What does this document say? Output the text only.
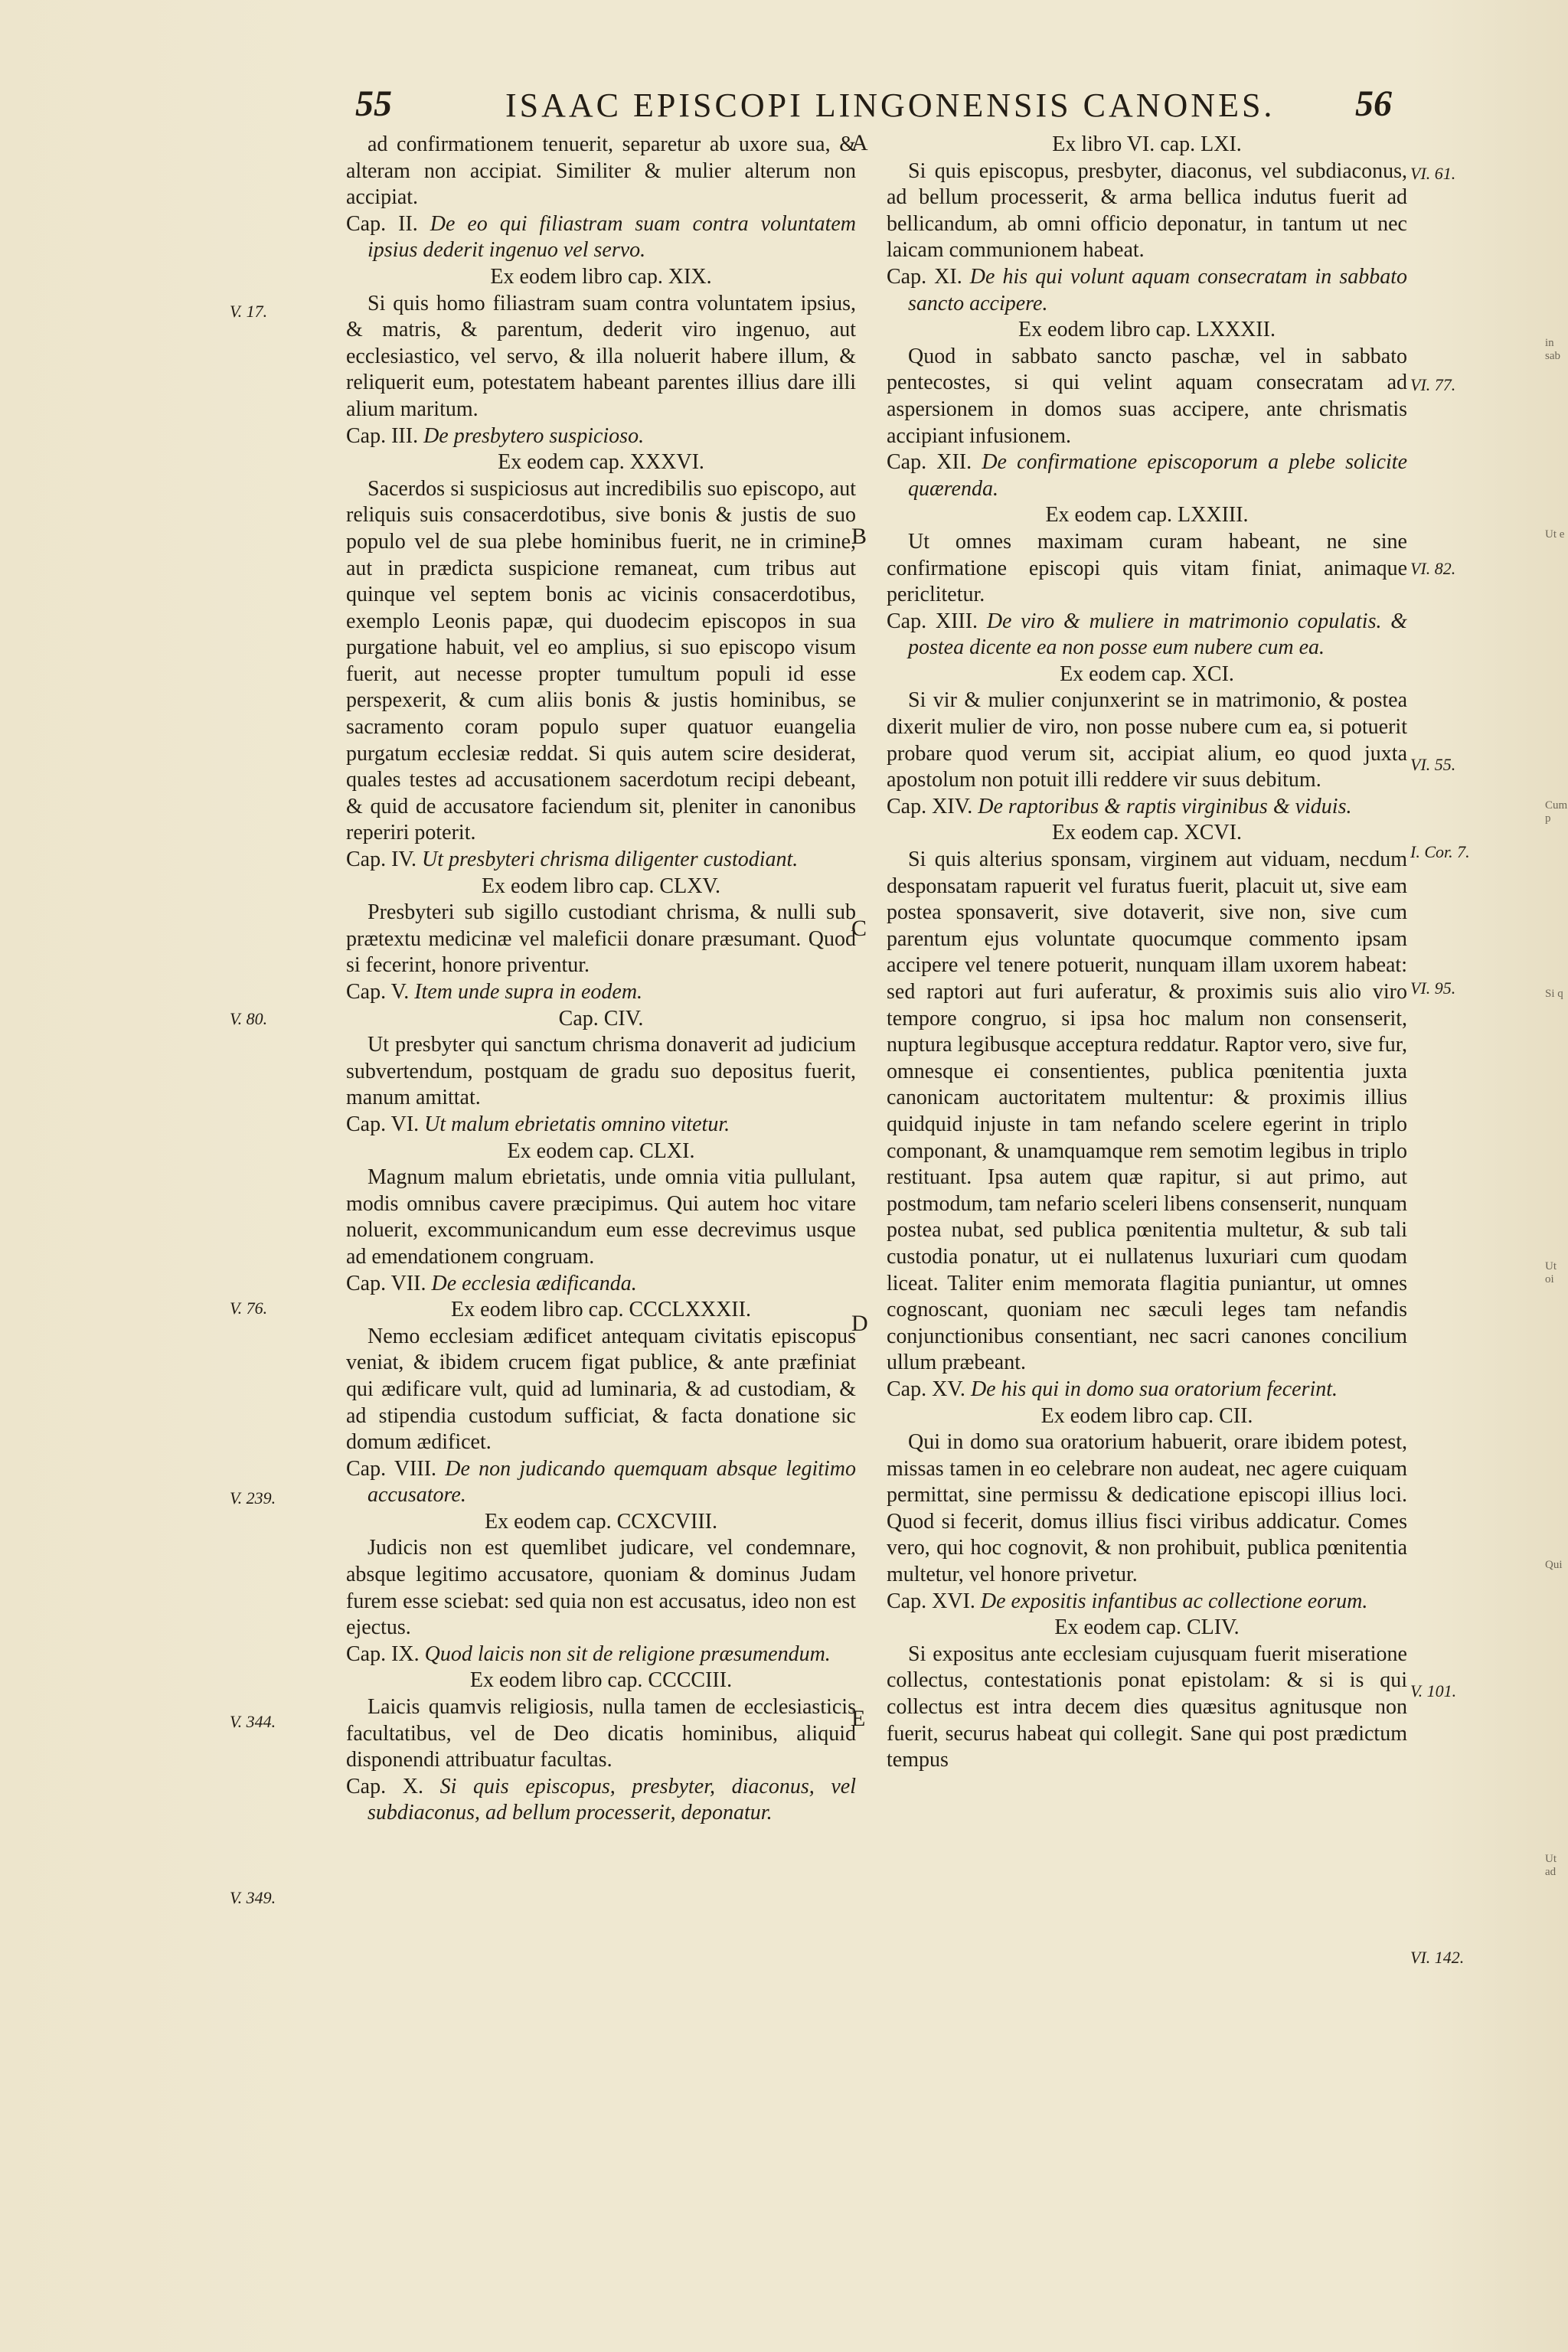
55	ISAAC EPISCOPI LINGONENSIS CANONES. 56

ad confirmationem tenuerit, separetur ab uxore sua, & alteram non accipiat. Similiter & mulier alterum non accipiat.

Cap. II. De eo qui filiastram suam contra voluntatem ipsius dederit ingenuo vel servo.

Ex eodem libro cap. XIX.

Si quis homo filiastram suam contra voluntatem ipsius, & matris, & parentum, dederit viro ingenuo, aut ecclesiastico, vel servo, & illa noluerit habere illum, & reliquerit eum, potestatem habeant parentes illius dare illi alium maritum.

Cap. III. De presbytero suspicioso.

Ex eodem cap. XXXVI.

Sacerdos si suspiciosus aut incredibilis suo episcopo, aut reliquis suis consacerdotibus, sive bonis & justis de suo populo vel de sua plebe hominibus fuerit, ne in crimine, aut in prædicta suspicione remaneat, cum tribus aut quinque vel septem bonis ac vicinis consacerdotibus, exemplo Leonis papæ, qui duodecim episcopos in sua purgatione habuit, vel eo amplius, si suo episcopo visum fuerit, aut necesse propter tumultum populi id esse perspexerit, & cum aliis bonis & justis hominibus, se sacramento coram populo super quatuor euangelia purgatum ecclesiæ reddat. Si quis autem scire desiderat, quales testes ad accusationem sacerdotum recipi debeant, & quid de accusatore faciendum sit, pleniter in canonibus reperiri poterit.

Cap. IV. Ut presbyteri chrisma diligenter custodiant.

Ex eodem libro cap. CLXV.

Presbyteri sub sigillo custodiant chrisma, & nulli sub prætextu medicinæ vel maleficii donare præsumant. Quod si fecerint, honore priventur.

Cap. V. Item unde supra in eodem.

Cap. CIV.

Ut presbyter qui sanctum chrisma donaverit ad judicium subvertendum, postquam de gradu suo depositus fuerit, manum amittat.

Cap. VI. Ut malum ebrietatis omnino vitetur.

Ex eodem cap. CLXI.

Magnum malum ebrietatis, unde omnia vitia pullulant, modis omnibus cavere præcipimus. Qui autem hoc vitare noluerit, excommunicandum eum esse decrevimus usque ad emendationem congruam.

Cap. VII. De ecclesia ædificanda.

Ex eodem libro cap. CCCLXXXII.

Nemo ecclesiam ædificet antequam civitatis episcopus veniat, & ibidem crucem figat publice, & ante præfiniat qui ædificare vult, quid ad luminaria, & ad custodiam, & ad stipendia custodum sufficiat, & facta donatione sic domum ædificet.

Cap. VIII. De non judicando quemquam absque legitimo accusatore.

Ex eodem cap. CCXCVIII.

Judicis non est quemlibet judicare, vel condemnare, absque legitimo accusatore, quoniam & dominus Judam furem esse sciebat: sed quia non est accusatus, ideo non est ejectus.

Cap. IX. Quod laicis non sit de religione præsumendum.

Ex eodem libro cap. CCCCIII.

Laicis quamvis religiosis, nulla tamen de ecclesiasticis facultatibus, vel de Deo dicatis hominibus, aliquid disponendi attribuatur facultas.

Cap. X. Si quis episcopus, presbyter, diaconus, vel subdiaconus, ad bellum processerit, deponatur.

Ex libro VI. cap. LXI.

Si quis episcopus, presbyter, diaconus, vel subdiaconus, ad bellum processerit, & arma bellica indutus fuerit ad bellicandum, ab omni officio deponatur, in tantum ut nec laicam communionem habeat.

Cap. XI. De his qui volunt aquam consecratam in sabbato sancto accipere.

Ex eodem libro cap. LXXXII.

Quod in sabbato sancto paschæ, vel in sabbato pentecostes, si qui velint aquam consecratam ad aspersionem in domos suas accipere, ante chrismatis accipiant infusionem.

Cap. XII. De confirmatione episcoporum a plebe solicite quærenda.

Ex eodem cap. LXXIII.

Ut omnes maximam curam habeant, ne sine confirmatione episcopi quis vitam finiat, animaque periclitetur.

Cap. XIII. De viro & muliere in matrimonio copulatis. & postea dicente ea non posse eum nubere cum ea.

Ex eodem cap. XCI.

Si vir & mulier conjunxerint se in matrimonio, & postea dixerit mulier de viro, non posse nubere cum ea, si potuerit probare quod verum sit, accipiat alium, eo quod juxta apostolum non potuit illi reddere vir suus debitum.

Cap. XIV. De raptoribus & raptis virginibus & viduis.

Ex eodem cap. XCVI.

Si quis alterius sponsam, virginem aut viduam, necdum desponsatam rapuerit vel furatus fuerit, placuit ut, sive eam postea sponsaverit, sive dotaverit, sive non, sive cum parentum ejus voluntate quocumque commento ipsam accipere vel tenere potuerit, nunquam illam uxorem habeat: sed raptori aut furi auferatur, & proximis suis alio viro tempore congruo, si ipsa hoc malum non consenserit, nuptura legibusque acceptura reddatur. Raptor vero, sive fur, omnesque ei consentientes, publica pœnitentia juxta canonicam auctoritatem multentur: & proximis illius quidquid injuste in tam nefando scelere egerint in triplo componant, & unamquamque rem semotim legibus in triplo restituant. Ipsa autem quæ rapitur, si aut primo, aut postmodum, tam nefario sceleri libens consenserit, nunquam postea nubat, sed publica pœnitentia multetur, & sub tali custodia ponatur, ut ei nullatenus luxuriari cum quodam liceat. Taliter enim memorata flagitia puniantur, ut omnes cognoscant, quoniam nec sæculi leges tam nefandis conjunctionibus consentiant, nec sacri canones concilium ullum præbeant.

Cap. XV. De his qui in domo sua oratorium fecerint.

Ex eodem libro cap. CII.

Qui in domo sua oratorium habuerit, orare ibidem potest, missas tamen in eo celebrare non audeat, nec agere cuiquam permittat, sine permissu & dedicatione episcopi illius loci. Quod si fecerit, domus illius fisci viribus addicatur. Comes vero, qui hoc cognovit, & non prohibuit, publica pœnitentia multetur, vel honore privetur.

Cap. XVI. De expositis infantibus ac collectione eorum.

Ex eodem cap. CLIV.

Si expositus ante ecclesiam cujusquam fuerit miseratione collectus, contestationis ponat epistolam: & si is qui collectus est intra decem dies quæsitus agnitusque non fuerit, securus habeat qui collegit. Sane qui post prædictum tempus

V. 17.
V. 80.
V. 76.
V. 239.
V. 344.
V. 349.
VI. 61.
VI. 77.
VI. 82.
VI. 55.
I. Cor. 7.
VI. 95.
V. 101.
VI. 142.
A
B
C
D
E
in sab
Ut e
Cum p
Si q
Ut oi
Qui
Ut ad
